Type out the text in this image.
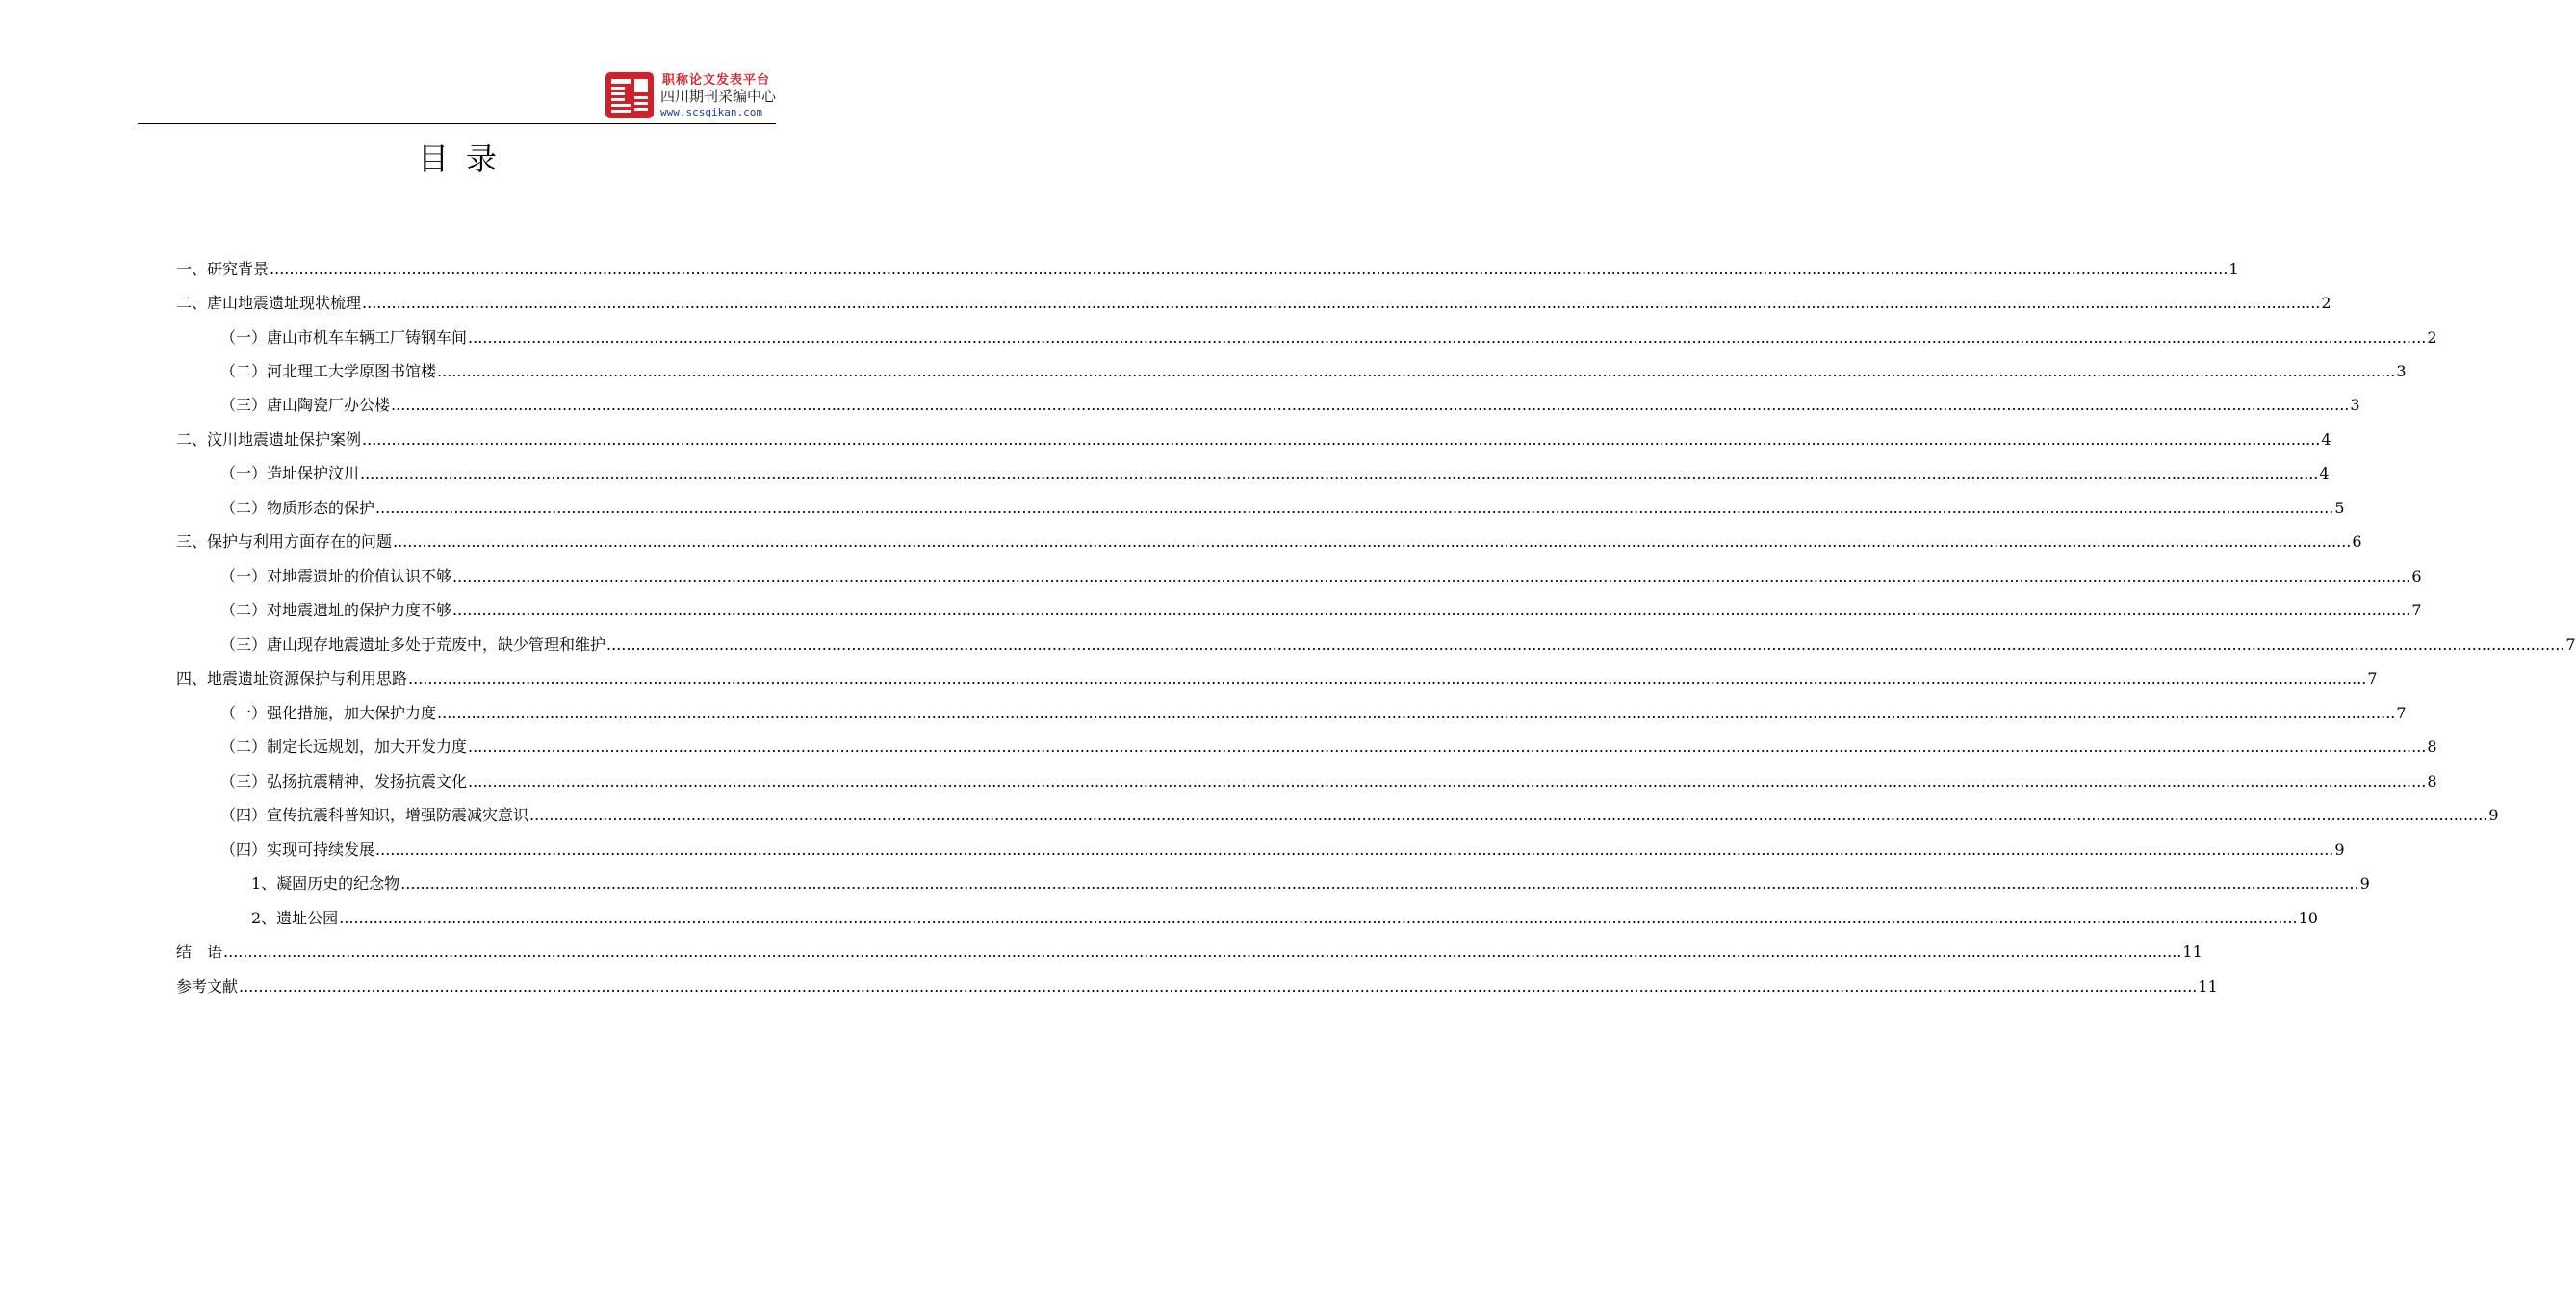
职称论文发表平台
四川期刊采编中心
www.scsqikan.com
目录
一、研究背景 ................................................................................................................................................................................................................................................................................................................................................................................................................ 1
二、唐山地震遗址现状梳理 ................................................................................................................................................................................................................................................................................................................................................................................................................ 2
（一）唐山市机车车辆工厂铸钢车间 ................................................................................................................................................................................................................................................................................................................................................................................................................ 2
（二）河北理工大学原图书馆楼 ................................................................................................................................................................................................................................................................................................................................................................................................................ 3
（三）唐山陶瓷厂办公楼 ................................................................................................................................................................................................................................................................................................................................................................................................................ 3
二、汶川地震遗址保护案例 ................................................................................................................................................................................................................................................................................................................................................................................................................ 4
（一）造址保护汶川 ................................................................................................................................................................................................................................................................................................................................................................................................................ 4
（二）物质形态的保护 ................................................................................................................................................................................................................................................................................................................................................................................................................ 5
三、保护与利用方面存在的问题 ................................................................................................................................................................................................................................................................................................................................................................................................................ 6
（一）对地震遗址的价值认识不够 ................................................................................................................................................................................................................................................................................................................................................................................................................ 6
（二）对地震遗址的保护力度不够 ................................................................................................................................................................................................................................................................................................................................................................................................................ 7
（三）唐山现存地震遗址多处于荒废中，缺少管理和维护 ................................................................................................................................................................................................................................................................................................................................................................................................................ 7
四、地震遗址资源保护与利用思路 ................................................................................................................................................................................................................................................................................................................................................................................................................ 7
（一）强化措施，加大保护力度 ................................................................................................................................................................................................................................................................................................................................................................................................................ 7
（二）制定长远规划，加大开发力度 ................................................................................................................................................................................................................................................................................................................................................................................................................ 8
（三）弘扬抗震精神，发扬抗震文化 ................................................................................................................................................................................................................................................................................................................................................................................................................ 8
（四）宣传抗震科普知识，增强防震减灾意识 ................................................................................................................................................................................................................................................................................................................................................................................................................ 9
（四）实现可持续发展 ................................................................................................................................................................................................................................................................................................................................................................................................................ 9
1、凝固历史的纪念物 ................................................................................................................................................................................................................................................................................................................................................................................................................ 9
2、遗址公园 ................................................................................................................................................................................................................................................................................................................................................................................................................ 10
结　语 ................................................................................................................................................................................................................................................................................................................................................................................................................ 11
参考文献 ................................................................................................................................................................................................................................................................................................................................................................................................................ 11
